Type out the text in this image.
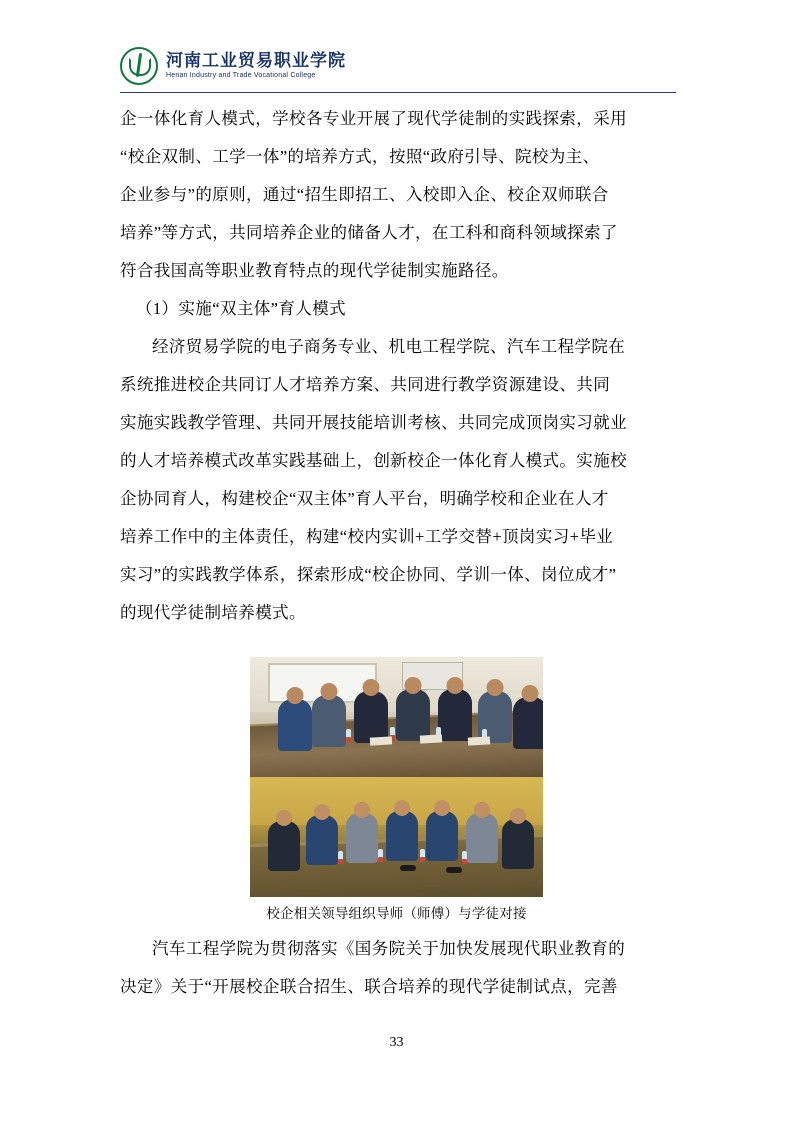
河南工业贸易职业学院
Henan Industry and Trade Vocational College

企一体化育人模式，学校各专业开展了现代学徒制的实践探索，采用

“校企双制、工学一体”的培养方式，按照“政府引导、院校为主、

企业参与”的原则，通过“招生即招工、入校即入企、校企双师联合

培养”等方式，共同培养企业的储备人才，在工科和商科领域探索了

符合我国高等职业教育特点的现代学徒制实施路径。

（1）实施“双主体”育人模式

经济贸易学院的电子商务专业、机电工程学院、汽车工程学院在

系统推进校企共同订人才培养方案、共同进行教学资源建设、共同

实施实践教学管理、共同开展技能培训考核、共同完成顶岗实习就业

的人才培养模式改革实践基础上，创新校企一体化育人模式。实施校

企协同育人，构建校企“双主体”育人平台，明确学校和企业在人才

培养工作中的主体责任，构建“校内实训+工学交替+顶岗实习+毕业

实习”的实践教学体系，探索形成“校企协同、学训一体、岗位成才”

的现代学徒制培养模式。

校企相关领导组织导师（师傅）与学徒对接

汽车工程学院为贯彻落实《国务院关于加快发展现代职业教育的

决定》关于“开展校企联合招生、联合培养的现代学徒制试点，完善

33
